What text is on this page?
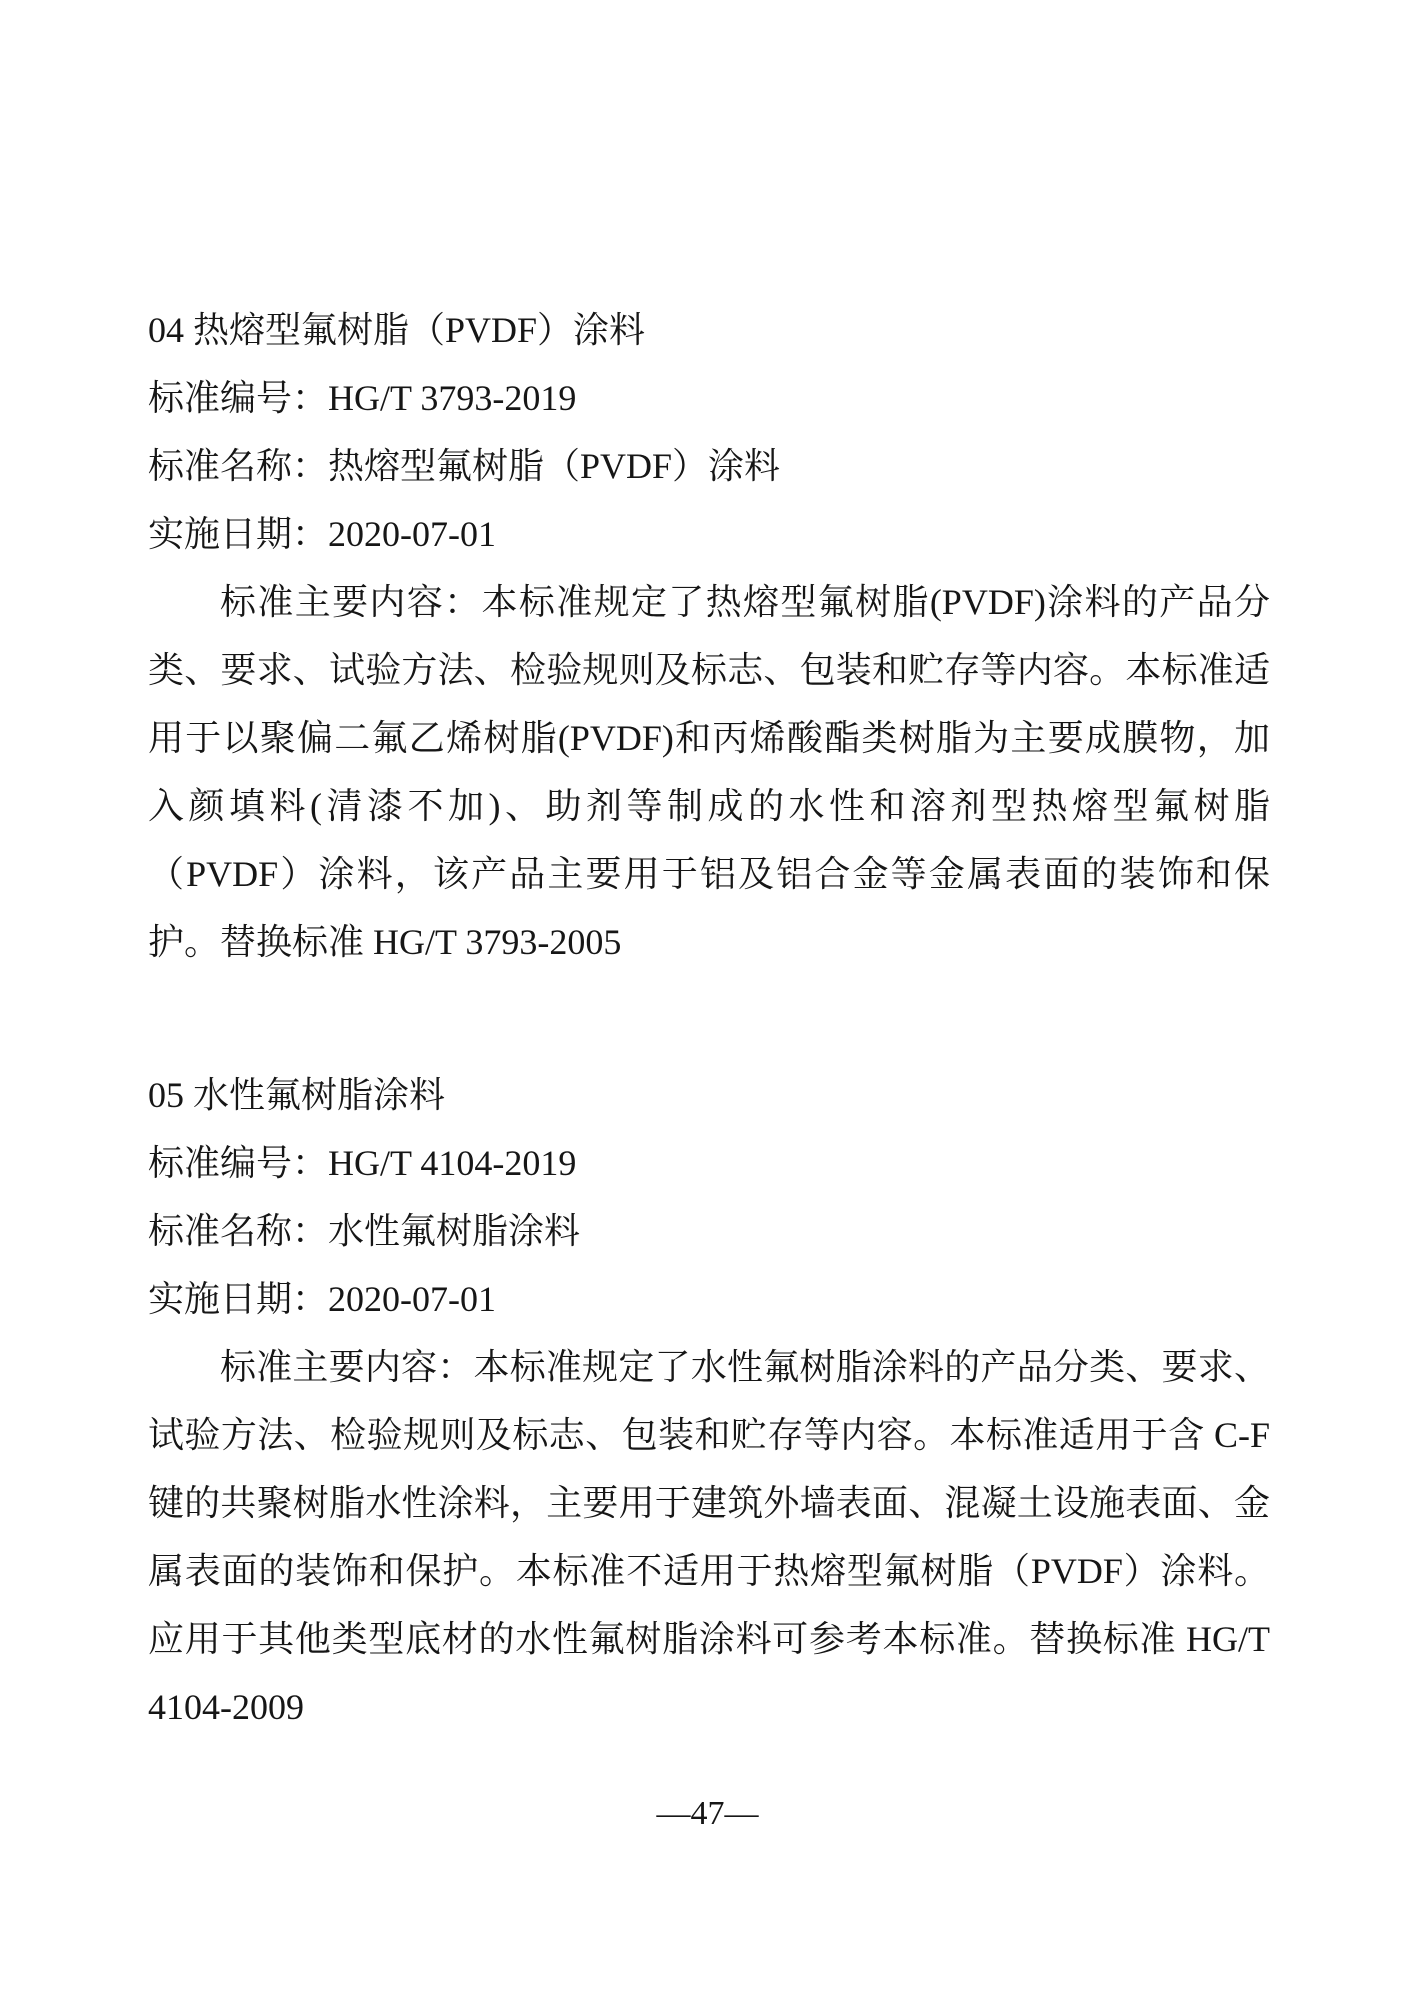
04 热熔型氟树脂（PVDF）涂料

标准编号：HG/T 3793-2019

标准名称：热熔型氟树脂（PVDF）涂料

实施日期：2020-07-01

标准主要内容：本标准规定了热熔型氟树脂(PVDF)涂料的产品分类、要求、试验方法、检验规则及标志、包装和贮存等内容。本标准适用于以聚偏二氟乙烯树脂(PVDF)和丙烯酸酯类树脂为主要成膜物，加入颜填料(清漆不加)、助剂等制成的水性和溶剂型热熔型氟树脂（PVDF）涂料，该产品主要用于铝及铝合金等金属表面的装饰和保护。替换标准 HG/T 3793-2005

05 水性氟树脂涂料

标准编号：HG/T 4104-2019

标准名称：水性氟树脂涂料

实施日期：2020-07-01

标准主要内容：本标准规定了水性氟树脂涂料的产品分类、要求、试验方法、检验规则及标志、包装和贮存等内容。本标准适用于含 C-F 键的共聚树脂水性涂料，主要用于建筑外墙表面、混凝土设施表面、金属表面的装饰和保护。本标准不适用于热熔型氟树脂（PVDF）涂料。应用于其他类型底材的水性氟树脂涂料可参考本标准。替换标准 HG/T 4104-2009

—47—
